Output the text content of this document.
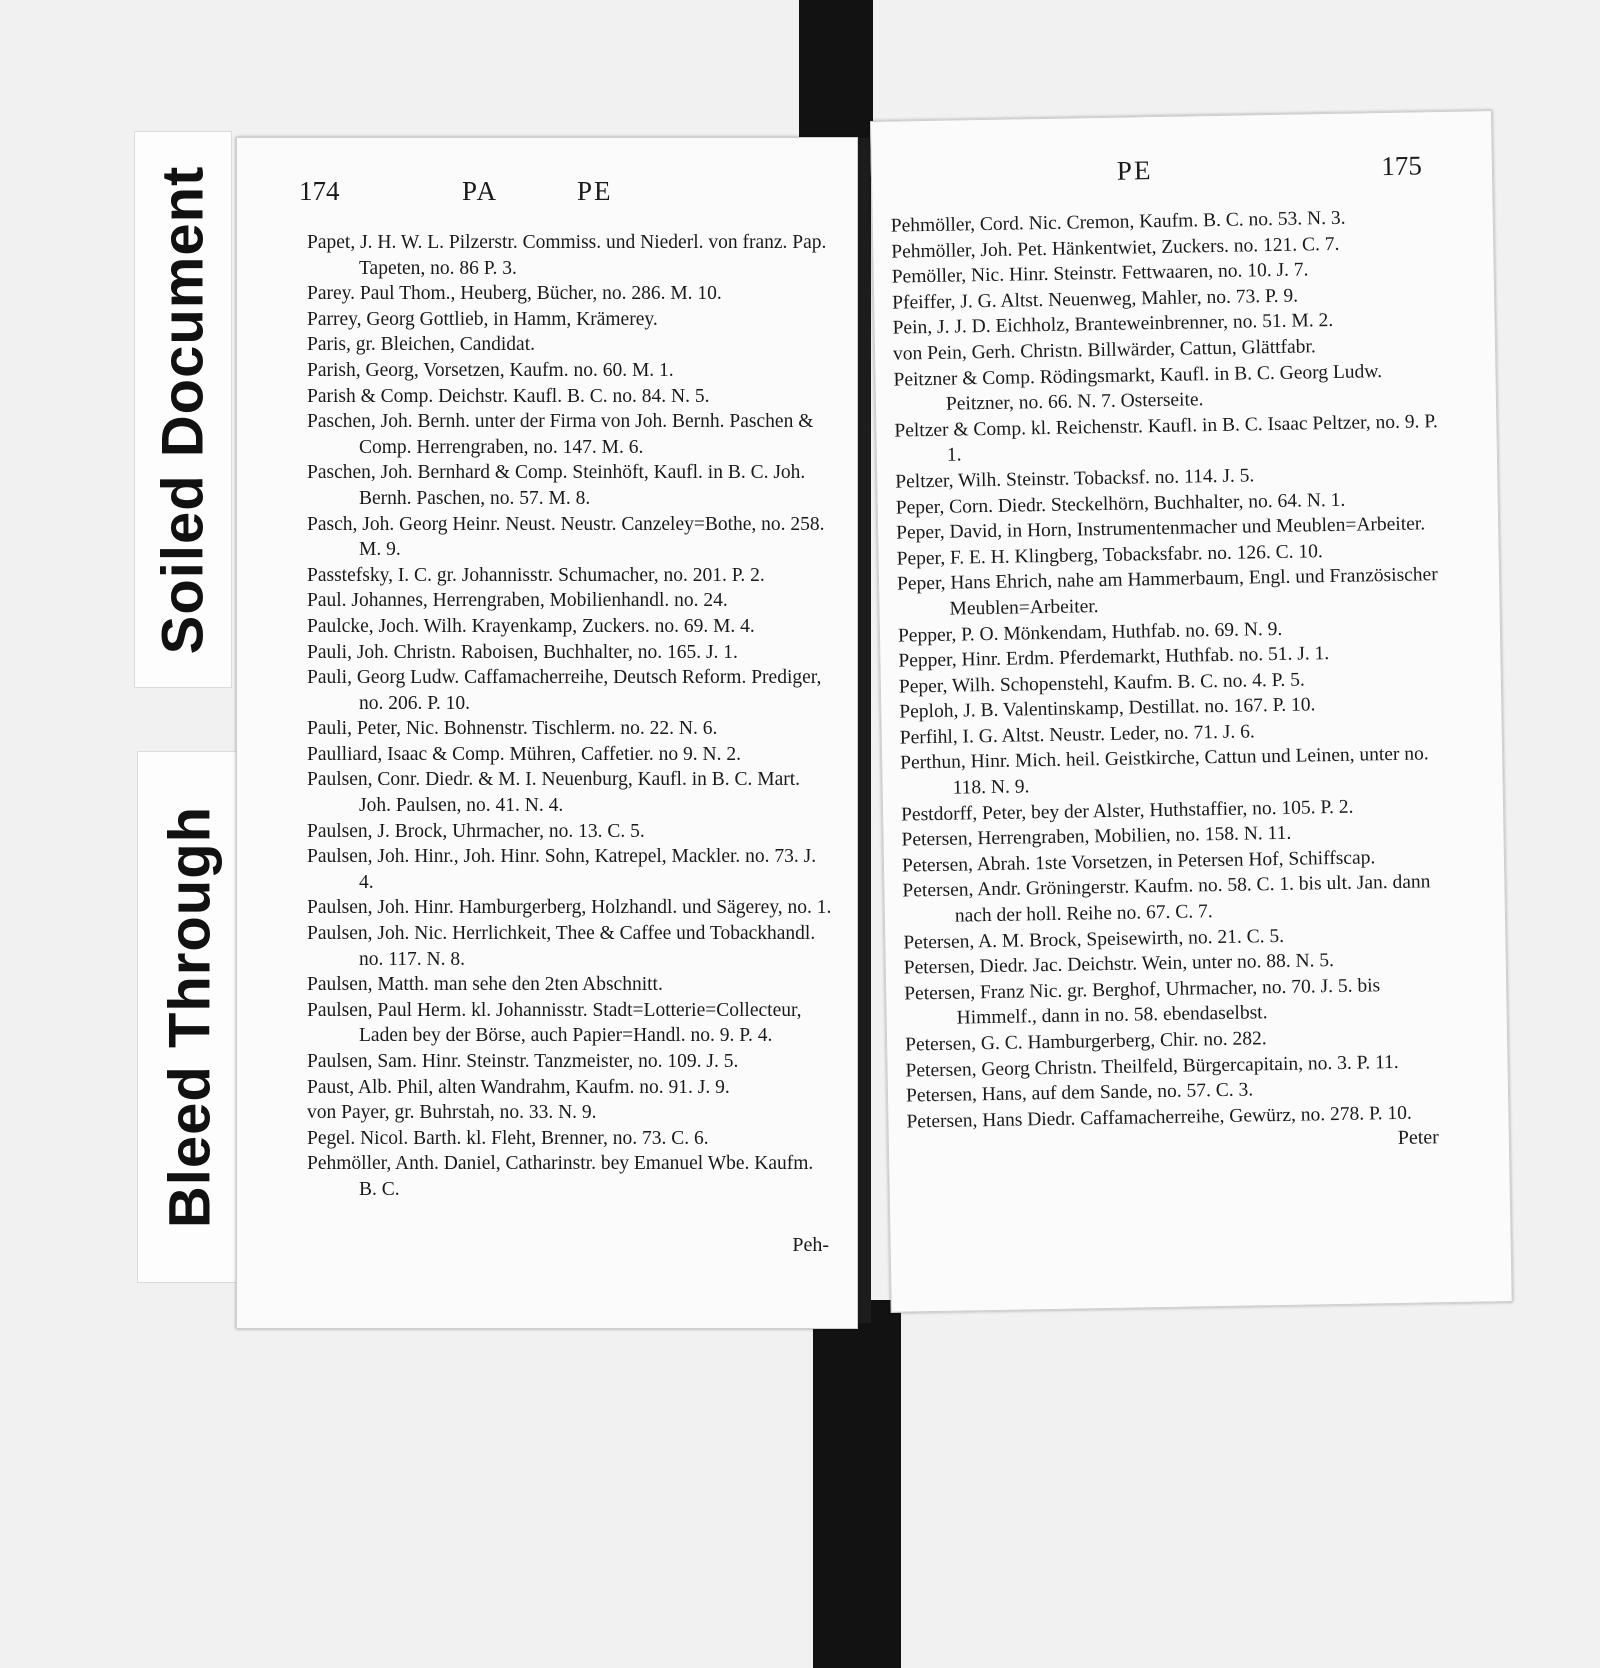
Soiled Document
Bleed Through
174	PA	PE

Papet, J. H. W. L. Pilzerstr. Commiss. und Niederl. von franz. Pap. Tapeten, no. 86 P. 3.

Parey. Paul Thom., Heuberg, Bücher, no. 286. M. 10.

Parrey, Georg Gottlieb, in Hamm, Krämerey.

Paris, gr. Bleichen, Candidat.

Parish, Georg, Vorsetzen, Kaufm. no. 60. M. 1.

Parish & Comp. Deichstr. Kaufl. B. C. no. 84. N. 5.

Paschen, Joh. Bernh. unter der Firma von Joh. Bernh. Paschen & Comp. Herrengraben, no. 147. M. 6.

Paschen, Joh. Bernhard & Comp. Steinhöft, Kaufl. in B. C. Joh. Bernh. Paschen, no. 57. M. 8.

Pasch, Joh. Georg Heinr. Neust. Neustr. Canzeley=Bothe, no. 258. M. 9.

Passtefsky, I. C. gr. Johannisstr. Schumacher, no. 201. P. 2.

Paul. Johannes, Herrengraben, Mobilienhandl. no. 24.

Paulcke, Joch. Wilh. Krayenkamp, Zuckers. no. 69. M. 4.

Pauli, Joh. Christn. Raboisen, Buchhalter, no. 165. J. 1.

Pauli, Georg Ludw. Caffamacherreihe, Deutsch Reform. Prediger, no. 206. P. 10.

Pauli, Peter, Nic. Bohnenstr. Tischlerm. no. 22. N. 6.

Paulliard, Isaac & Comp. Mühren, Caffetier. no 9. N. 2.

Paulsen, Conr. Diedr. & M. I. Neuenburg, Kaufl. in B. C. Mart. Joh. Paulsen, no. 41. N. 4.

Paulsen, J. Brock, Uhrmacher, no. 13. C. 5.

Paulsen, Joh. Hinr., Joh. Hinr. Sohn, Katrepel, Mackler. no. 73. J. 4.

Paulsen, Joh. Hinr. Hamburgerberg, Holzhandl. und Sägerey, no. 1.

Paulsen, Joh. Nic. Herrlichkeit, Thee & Caffee und Tobackhandl. no. 117. N. 8.

Paulsen, Matth. man sehe den 2ten Abschnitt.

Paulsen, Paul Herm. kl. Johannisstr. Stadt=Lotterie=Collecteur, Laden bey der Börse, auch Papier=Handl. no. 9. P. 4.

Paulsen, Sam. Hinr. Steinstr. Tanzmeister, no. 109. J. 5.

Paust, Alb. Phil, alten Wandrahm, Kaufm. no. 91. J. 9.

von Payer, gr. Buhrstah, no. 33. N. 9.

Pegel. Nicol. Barth. kl. Fleht, Brenner, no. 73. C. 6.

Pehmöller, Anth. Daniel, Catharinstr. bey Emanuel Wbe. Kaufm. B. C.

Peh-
PE	175

Pehmöller, Cord. Nic. Cremon, Kaufm. B. C. no. 53. N. 3.

Pehmöller, Joh. Pet. Hänkentwiet, Zuckers. no. 121. C. 7.

Pemöller, Nic. Hinr. Steinstr. Fettwaaren, no. 10. J. 7.

Pfeiffer, J. G. Altst. Neuenweg, Mahler, no. 73. P. 9.

Pein, J. J. D. Eichholz, Branteweinbrenner, no. 51. M. 2.

von Pein, Gerh. Christn. Billwärder, Cattun, Glättfabr.

Peitzner & Comp. Rödingsmarkt, Kaufl. in B. C. Georg Ludw. Peitzner, no. 66. N. 7. Osterseite.

Peltzer & Comp. kl. Reichenstr. Kaufl. in B. C. Isaac Peltzer, no. 9. P. 1.

Peltzer, Wilh. Steinstr. Tobacksf. no. 114. J. 5.

Peper, Corn. Diedr. Steckelhörn, Buchhalter, no. 64. N. 1.

Peper, David, in Horn, Instrumentenmacher und Meublen=Arbeiter.

Peper, F. E. H. Klingberg, Tobacksfabr. no. 126. C. 10.

Peper, Hans Ehrich, nahe am Hammerbaum, Engl. und Französischer Meublen=Arbeiter.

Pepper, P. O. Mönkendam, Huthfab. no. 69. N. 9.

Pepper, Hinr. Erdm. Pferdemarkt, Huthfab. no. 51. J. 1.

Peper, Wilh. Schopenstehl, Kaufm. B. C. no. 4. P. 5.

Peploh, J. B. Valentinskamp, Destillat. no. 167. P. 10.

Perfihl, I. G. Altst. Neustr. Leder, no. 71. J. 6.

Perthun, Hinr. Mich. heil. Geistkirche, Cattun und Leinen, unter no. 118. N. 9.

Pestdorff, Peter, bey der Alster, Huthstaffier, no. 105. P. 2.

Petersen, Herrengraben, Mobilien, no. 158. N. 11.

Petersen, Abrah. 1ste Vorsetzen, in Petersen Hof, Schiffscap.

Petersen, Andr. Gröningerstr. Kaufm. no. 58. C. 1. bis ult. Jan. dann nach der holl. Reihe no. 67. C. 7.

Petersen, A. M. Brock, Speisewirth, no. 21. C. 5.

Petersen, Diedr. Jac. Deichstr. Wein, unter no. 88. N. 5.

Petersen, Franz Nic. gr. Berghof, Uhrmacher, no. 70. J. 5. bis Himmelf., dann in no. 58. ebendaselbst.

Petersen, G. C. Hamburgerberg, Chir. no. 282.

Petersen, Georg Christn. Theilfeld, Bürgercapitain, no. 3. P. 11.

Petersen, Hans, auf dem Sande, no. 57. C. 3.

Petersen, Hans Diedr. Caffamacherreihe, Gewürz, no. 278. P. 10.

Peter
